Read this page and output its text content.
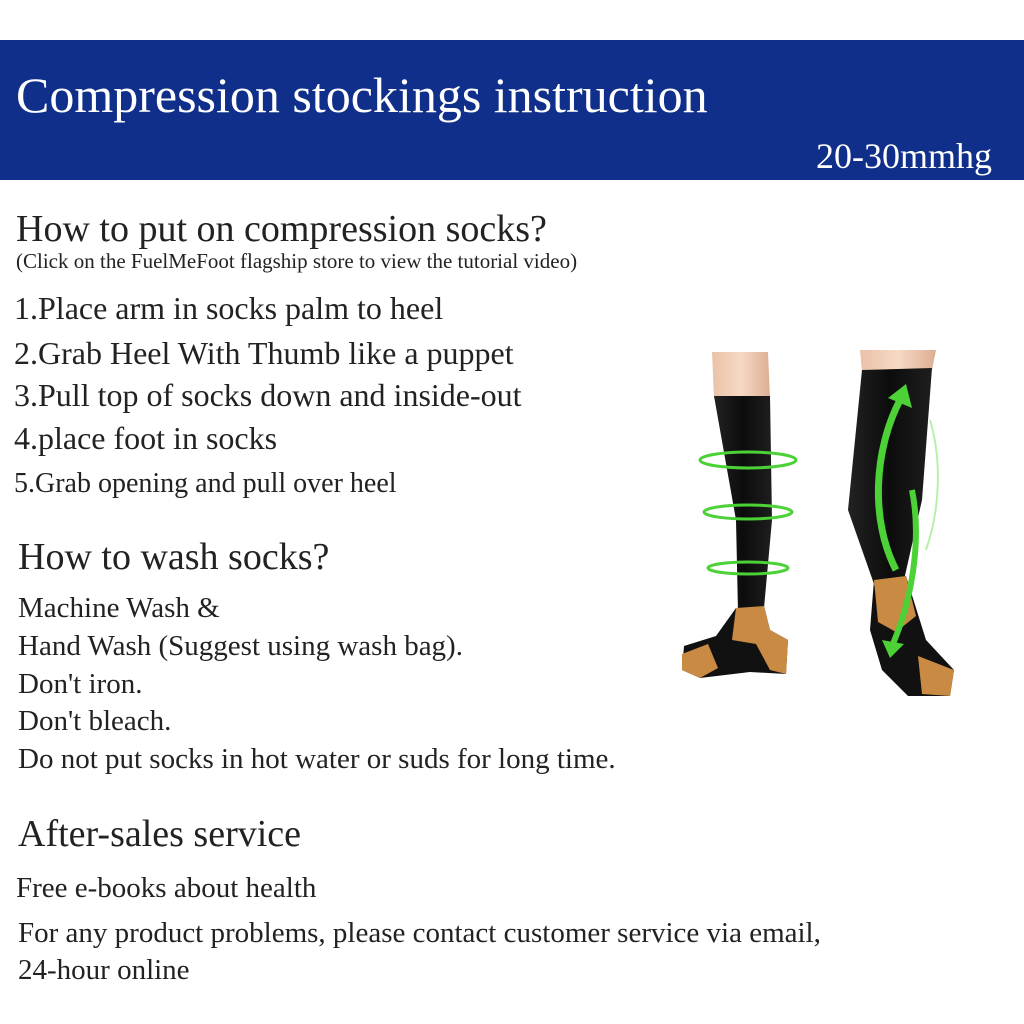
Compression stockings instruction
20-30mmhg
How to put on compression socks?
(Click on the FuelMeFoot flagship store to view the tutorial video)
1.Place arm in socks palm to heel
2.Grab Heel With Thumb like a puppet
3.Pull top of socks down and inside-out
4.place foot in socks
5.Grab opening and pull over heel
How to wash socks?
Machine Wash &
Hand Wash (Suggest using wash bag).
Don't iron.
Don't bleach.
Do not put socks in hot water or suds for long time.
After-sales service
Free e-books about health
For any product problems, please contact customer service via email,
24-hour online
